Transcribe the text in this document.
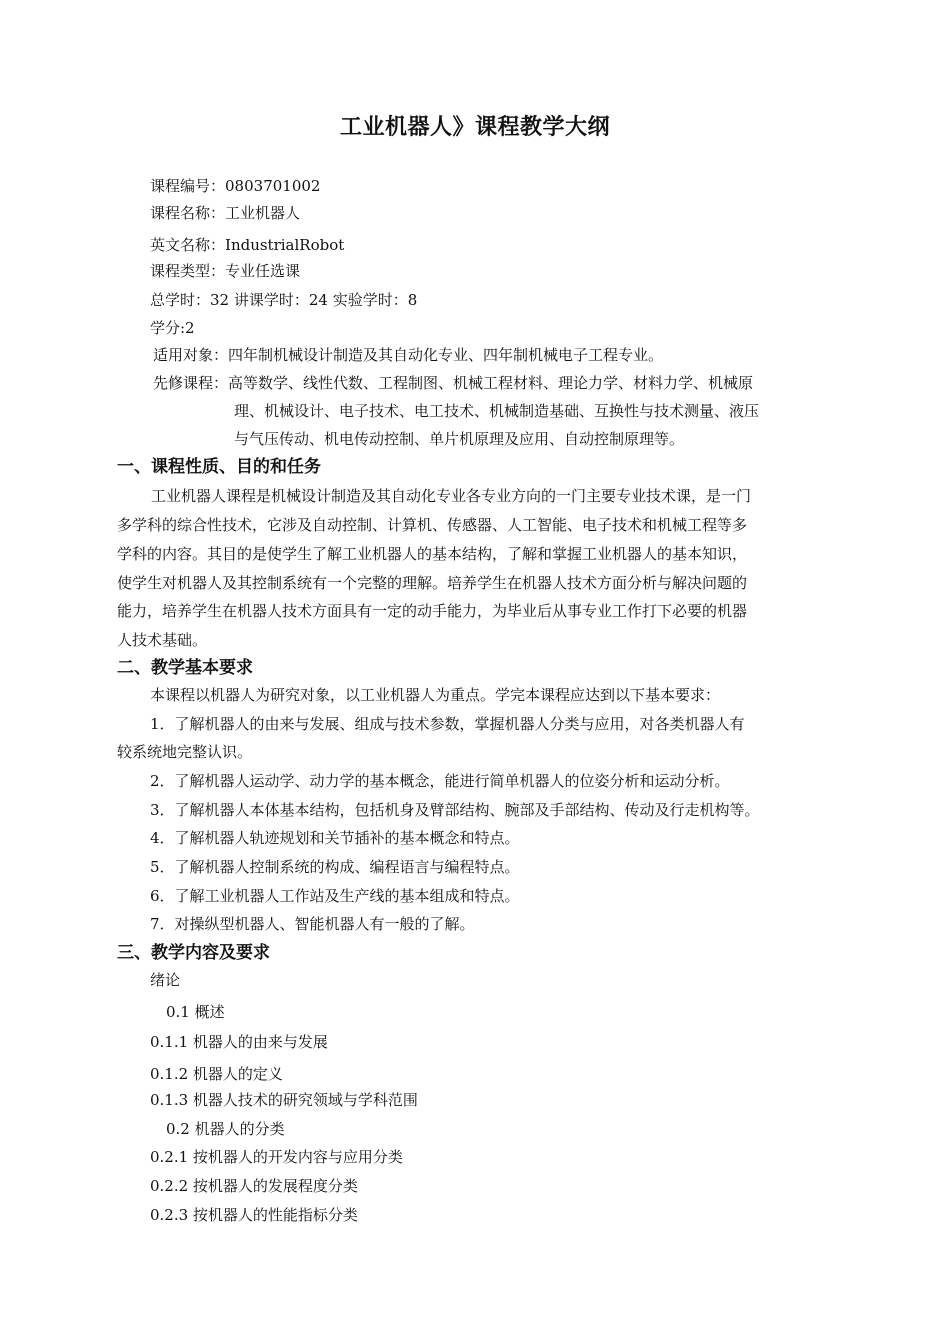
工业机器人》课程教学大纲
课程编号：0803701002
课程名称：工业机器人
英文名称：IndustrialRobot
课程类型：专业任选课
总学时：32 讲课学时：24 实验学时：8
学分:2
适用对象：四年制机械设计制造及其自动化专业、四年制机械电子工程专业。
先修课程：高等数学、线性代数、工程制图、机械工程材料、理论力学、材料力学、机械原
理、机械设计、电子技术、电工技术、机械制造基础、互换性与技术测量、液压
与气压传动、机电传动控制、单片机原理及应用、自动控制原理等。
一、课程性质、目的和任务
工业机器人课程是机械设计制造及其自动化专业各专业方向的一门主要专业技术课，是一门
多学科的综合性技术，它涉及自动控制、计算机、传感器、人工智能、电子技术和机械工程等多
学科的内容。其目的是使学生了解工业机器人的基本结构，了解和掌握工业机器人的基本知识，
使学生对机器人及其控制系统有一个完整的理解。培养学生在机器人技术方面分析与解决问题的
能力，培养学生在机器人技术方面具有一定的动手能力，为毕业后从事专业工作打下必要的机器
人技术基础。
二、教学基本要求
本课程以机器人为研究对象，以工业机器人为重点。学完本课程应达到以下基本要求：
1．了解机器人的由来与发展、组成与技术参数，掌握机器人分类与应用，对各类机器人有
较系统地完整认识。
2．了解机器人运动学、动力学的基本概念，能进行简单机器人的位姿分析和运动分析。
3．了解机器人本体基本结构，包括机身及臂部结构、腕部及手部结构、传动及行走机构等。
4．了解机器人轨迹规划和关节插补的基本概念和特点。
5．了解机器人控制系统的构成、编程语言与编程特点。
6．了解工业机器人工作站及生产线的基本组成和特点。
7．对操纵型机器人、智能机器人有一般的了解。
三、教学内容及要求
绪论
0.1 概述
0.1.1 机器人的由来与发展
0.1.2 机器人的定义
0.1.3 机器人技术的研究领域与学科范围
0.2 机器人的分类
0.2.1 按机器人的开发内容与应用分类
0.2.2 按机器人的发展程度分类
0.2.3 按机器人的性能指标分类
